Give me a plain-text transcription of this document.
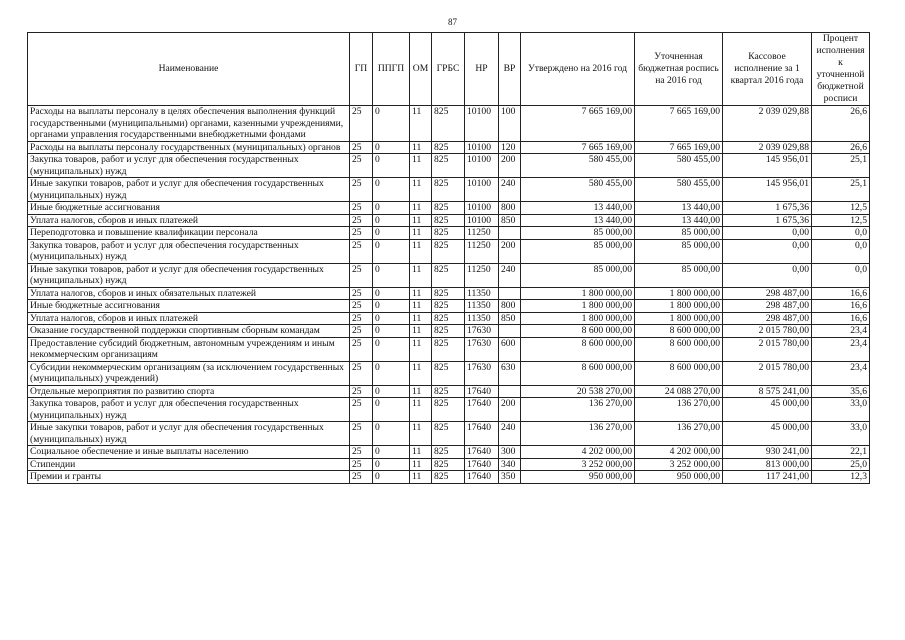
87
Наименование	ГП	ППГП	ОМ	ГРБС	НР	ВР	Утверждено на 2016 год	Уточненная бюджетная роспись на 2016 год	Кассовое исполнение за 1 квартал 2016 года	Процент исполнения к уточненной бюджетной росписи
Расходы на выплаты персоналу в целях обеспечения выполнения функций государственными (муниципальными) органами, казенными учреждениями, органами управления государственными внебюджетными фондами	25	0	11	825	10100	100	7 665 169,00	7 665 169,00	2 039 029,88	26,6
Расходы на выплаты персоналу государственных (муниципальных) органов	25	0	11	825	10100	120	7 665 169,00	7 665 169,00	2 039 029,88	26,6
Закупка товаров, работ и услуг для обеспечения государственных (муниципальных) нужд	25	0	11	825	10100	200	580 455,00	580 455,00	145 956,01	25,1
Иные закупки товаров, работ и услуг для обеспечения государственных (муниципальных) нужд	25	0	11	825	10100	240	580 455,00	580 455,00	145 956,01	25,1
Иные бюджетные ассигнования	25	0	11	825	10100	800	13 440,00	13 440,00	1 675,36	12,5
Уплата налогов, сборов и иных платежей	25	0	11	825	10100	850	13 440,00	13 440,00	1 675,36	12,5
Переподготовка и повышение квалификации персонала	25	0	11	825	11250		85 000,00	85 000,00	0,00	0,0
Закупка товаров, работ и услуг для обеспечения государственных (муниципальных) нужд	25	0	11	825	11250	200	85 000,00	85 000,00	0,00	0,0
Иные закупки товаров, работ и услуг для обеспечения государственных (муниципальных) нужд	25	0	11	825	11250	240	85 000,00	85 000,00	0,00	0,0
Уплата налогов, сборов и иных обязательных платежей	25	0	11	825	11350		1 800 000,00	1 800 000,00	298 487,00	16,6
Иные бюджетные ассигнования	25	0	11	825	11350	800	1 800 000,00	1 800 000,00	298 487,00	16,6
Уплата налогов, сборов и иных платежей	25	0	11	825	11350	850	1 800 000,00	1 800 000,00	298 487,00	16,6
Оказание государственной поддержки спортивным сборным командам	25	0	11	825	17630		8 600 000,00	8 600 000,00	2 015 780,00	23,4
Предоставление субсидий бюджетным, автономным учреждениям и иным некоммерческим организациям	25	0	11	825	17630	600	8 600 000,00	8 600 000,00	2 015 780,00	23,4
Субсидии некоммерческим организациям (за исключением государственных (муниципальных) учреждений)	25	0	11	825	17630	630	8 600 000,00	8 600 000,00	2 015 780,00	23,4
Отдельные мероприятия по развитию спорта	25	0	11	825	17640		20 538 270,00	24 088 270,00	8 575 241,00	35,6
Закупка товаров, работ и услуг для обеспечения государственных (муниципальных) нужд	25	0	11	825	17640	200	136 270,00	136 270,00	45 000,00	33,0
Иные закупки товаров, работ и услуг для обеспечения государственных (муниципальных) нужд	25	0	11	825	17640	240	136 270,00	136 270,00	45 000,00	33,0
Социальное обеспечение и иные выплаты населению	25	0	11	825	17640	300	4 202 000,00	4 202 000,00	930 241,00	22,1
Стипендии	25	0	11	825	17640	340	3 252 000,00	3 252 000,00	813 000,00	25,0
Премии и гранты	25	0	11	825	17640	350	950 000,00	950 000,00	117 241,00	12,3
